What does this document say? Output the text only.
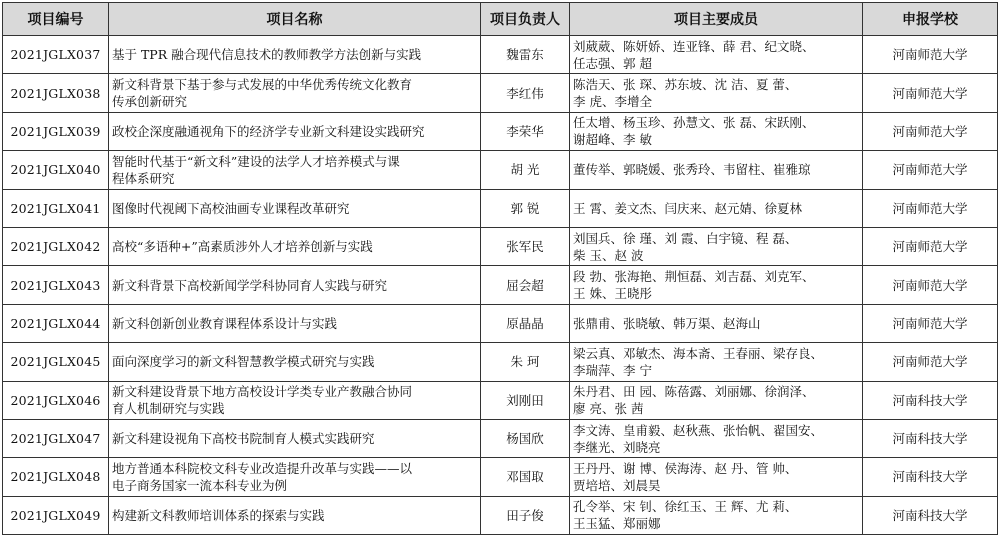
项目编号	项目名称	项目负责人	项目主要成员	申报学校

2021JGLX037	基于 TPR 融合现代信息技术的教师教学方法创新与实践	魏雷东	刘葳葳、陈妍娇、连亚锋、薛 君、纪文晓、
任志强、郭 超	河南师范大学

2021JGLX038	新文科背景下基于参与式发展的中华优秀传统文化教育
传承创新研究	李红伟	陈浩天、张 琛、苏东坡、沈 洁、夏 蕾、
李 虎、李增全	河南师范大学

2021JGLX039	政校企深度融通视角下的经济学专业新文科建设实践研究	李荣华	任太增、杨玉珍、孙慧文、张 磊、宋跃刚、
谢超峰、李 敏	河南师范大学

2021JGLX040	智能时代基于“新文科”建设的法学人才培养模式与课
程体系研究	胡 光	董传举、郭晓媛、张秀玲、韦留柱、崔雅琼	河南师范大学

2021JGLX041	图像时代视阈下高校油画专业课程改革研究	郭 锐	王 霄、姜文杰、闫庆来、赵元婧、徐夏林	河南师范大学

2021JGLX042	高校“多语种+”高素质涉外人才培养创新与实践	张军民	刘国兵、徐 瑾、刘 霞、白宇镜、程 磊、
柴 玉、赵 波	河南师范大学

2021JGLX043	新文科背景下高校新闻学学科协同育人实践与研究	屈会超	段 勃、张海艳、荆恒磊、刘吉磊、刘克军、
王 姝、王晓彤	河南师范大学

2021JGLX044	新文科创新创业教育课程体系设计与实践	原晶晶	张鼎甫、张晓敏、韩万渠、赵海山	河南师范大学

2021JGLX045	面向深度学习的新文科智慧教学模式研究与实践	朱 珂	梁云真、邓敏杰、海本斋、王春丽、梁存良、
李瑞萍、李 宁	河南师范大学

2021JGLX046	新文科建设背景下地方高校设计学类专业产教融合协同
育人机制研究与实践	刘刚田	朱丹君、田 园、陈蓓露、刘丽娜、徐润泽、
廖 亮、张 茜	河南科技大学

2021JGLX047	新文科建设视角下高校书院制育人模式实践研究	杨国欣	李文涛、皇甫毅、赵秋燕、张怡帆、翟国安、
李继光、刘晓亮	河南科技大学

2021JGLX048	地方普通本科院校文科专业改造提升改革与实践——以
电子商务国家一流本科专业为例	邓国取	王丹丹、谢 博、侯海涛、赵 丹、管 帅、
贾培培、刘晨昊	河南科技大学

2021JGLX049	构建新文科教师培训体系的探索与实践	田子俊	孔令举、宋 钊、徐红玉、王 辉、尤 莉、
王玉猛、郑丽娜	河南科技大学
